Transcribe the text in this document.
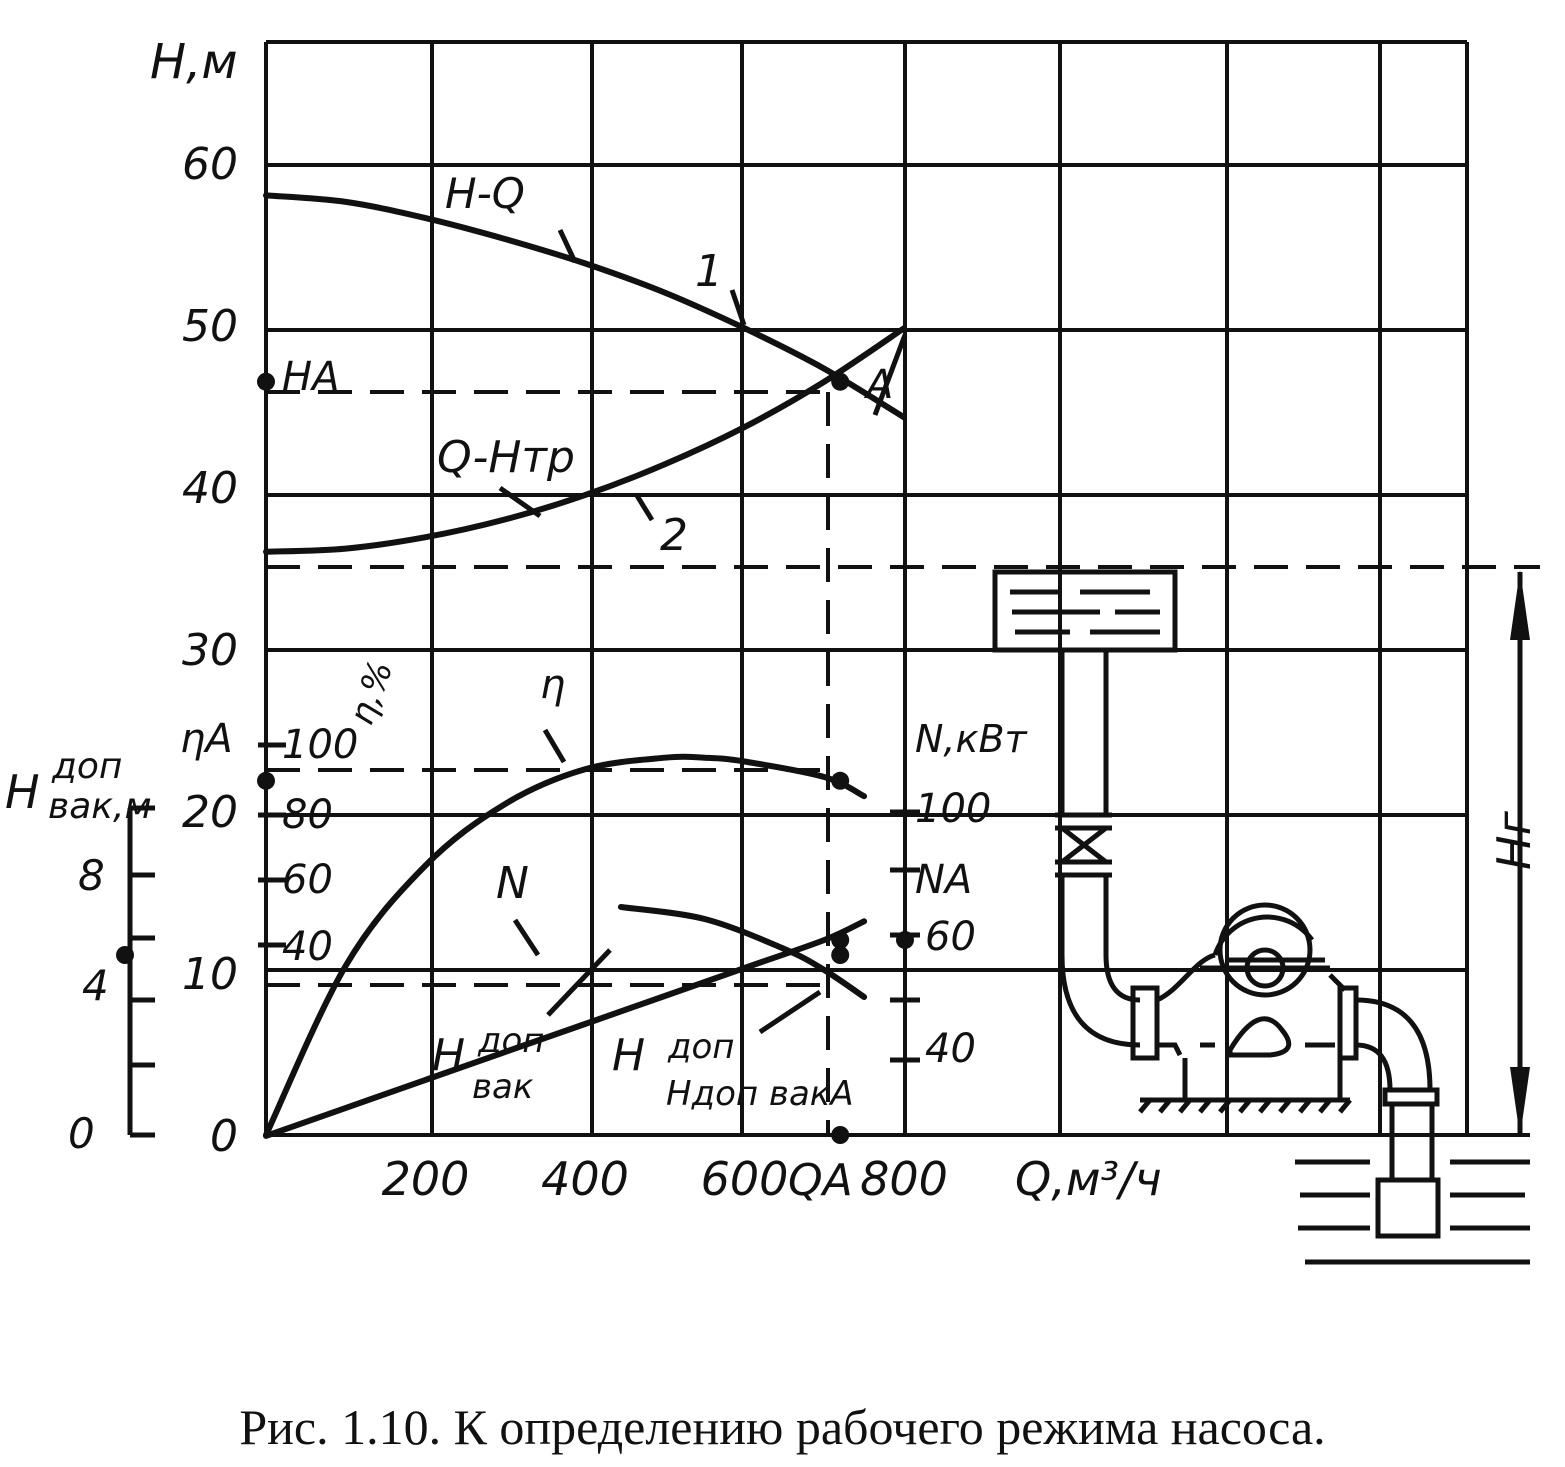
0
10
20
30
40
50
60
200 400 600 800
Н,м
Q,м³/ч
8
4
0
100
80
60
40
40
60
100
N,кВт
η,%
ηA
НA
NA
Н доп
вак,м
H-Q
1
Q-Hтр
2
A
η
N
Н доп
вак
Н доп
Ндоп вакA
QA
Нг
Рис. 1.10. К определению рабочего режима насоса.
